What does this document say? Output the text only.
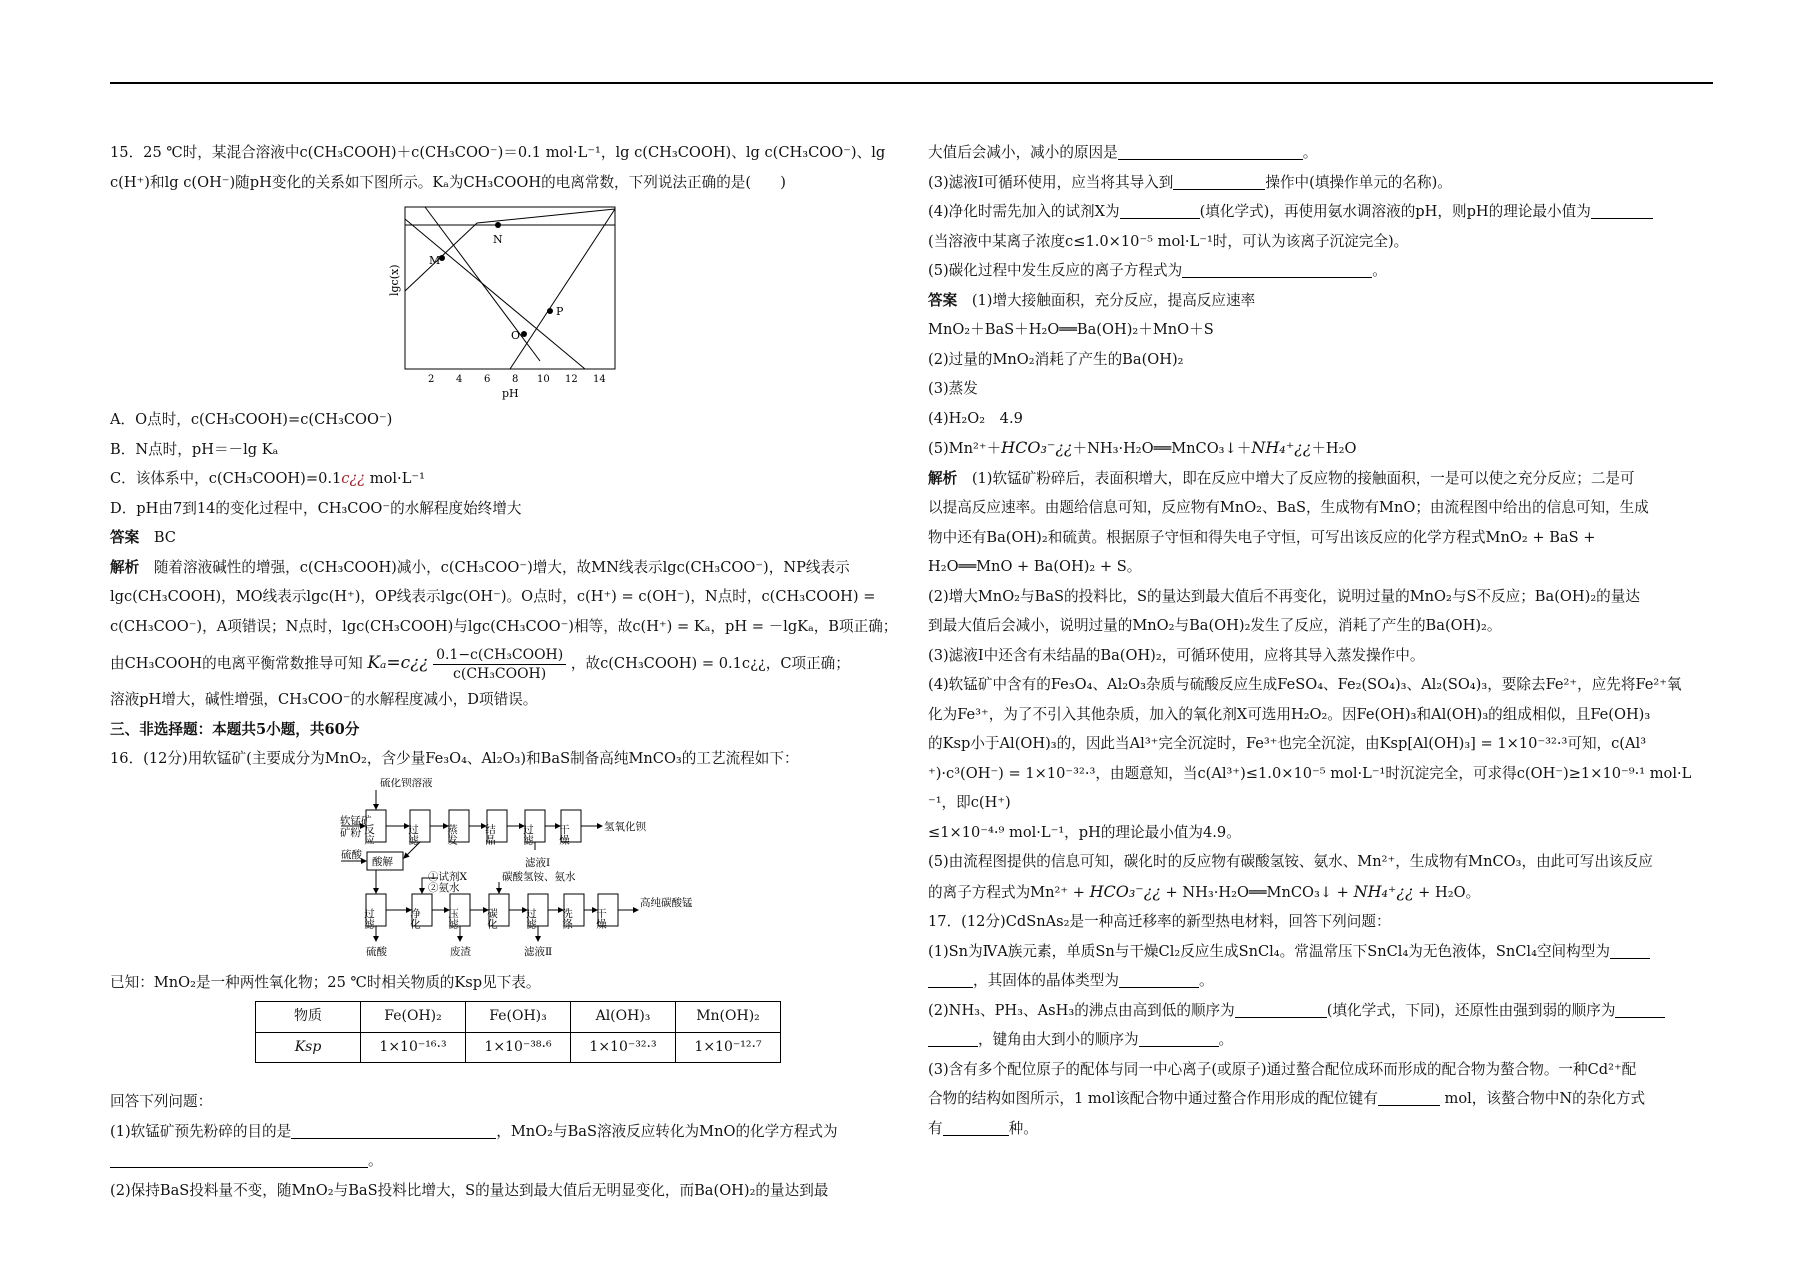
15．25 ℃时，某混合溶液中c(CH₃COOH)＋c(CH₃COO⁻)＝0.1 mol·L⁻¹，lg c(CH₃COOH)、lg c(CH₃COO⁻)、lg

c(H⁺)和lg c(OH⁻)随pH变化的关系如下图所示。Kₐ为CH₃COOH的电离常数，下列说法正确的是(　　)

M
N
O
P
lgc(x)
2 4 6 8 10 12 14
pH

A．O点时，c(CH₃COOH)=c(CH₃COO⁻)

B．N点时，pH＝－lg Kₐ

C．该体系中，c(CH₃COOH)=0.1c¿¿ mol·L⁻¹

D．pH由7到14的变化过程中，CH₃COO⁻的水解程度始终增大

答案　 BC

解析　 随着溶液碱性的增强，c(CH₃COOH)减小，c(CH₃COO⁻)增大，故MN线表示lgc(CH₃COO⁻)，NP线表示

lgc(CH₃COOH)，MO线表示lgc(H⁺)，OP线表示lgc(OH⁻)。O点时，c(H⁺) = c(OH⁻)，N点时，c(CH₃COOH) =

c(CH₃COO⁻)，A项错误；N点时，lgc(CH₃COOH)与lgc(CH₃COO⁻)相等，故c(H⁺) = Kₐ，pH = －lgKₐ，B项正确；

由CH₃COOH的电离平衡常数推导可知 Kₐ=c¿¿ 0.1−c(CH₃COOH)
c(CH₃COOH)
，故c(CH₃COOH) = 0.1c¿¿，C项正确；

溶液pH增大，碱性增强，CH₃COO⁻的水解程度减小，D项错误。

三、非选择题：本题共5小题，共60分

16．(12分)用软锰矿(主要成分为MnO₂，含少量Fe₃O₄、Al₂O₃)和BaS制备高纯MnCO₃的工艺流程如下：

软锰矿
矿粉
硫化钡溶液
反应	过滤	蒸发 结晶 过滤 干燥	氢氧化钡
滤液Ⅰ
硫酸
酸解
①试剂X
②氨水
碳酸氢铵、氨水
过滤	净化 压滤	碳化	过滤 洗涤 干燥
高纯碳酸锰
硫酸	废渣	滤液Ⅱ

已知：MnO₂是一种两性氧化物；25 ℃时相关物质的Ksp见下表。

物质	Fe(OH)₂	Fe(OH)₃	Al(OH)₃	Mn(OH)₂
Ksp	1×10⁻¹⁶·³	1×10⁻³⁸·⁶	1×10⁻³²·³	1×10⁻¹²·⁷

回答下列问题：

(1)软锰矿预先粉碎的目的是	，MnO₂与BaS溶液反应转化为MnO的化学方程式为

。

(2)保持BaS投料量不变，随MnO₂与BaS投料比增大，S的量达到最大值后无明显变化，而Ba(OH)₂的量达到最

大值后会减小，减小的原因是	。

(3)滤液Ⅰ可循环使用，应当将其导入到	操作中(填操作单元的名称)。

(4)净化时需先加入的试剂X为	(填化学式)，再使用氨水调溶液的pH，则pH的理论最小值为

(当溶液中某离子浓度c≤1.0×10⁻⁵ mol·L⁻¹时，可认为该离子沉淀完全)。

(5)碳化过程中发生反应的离子方程式为	。

答案　 (1)增大接触面积，充分反应，提高反应速率

MnO₂＋BaS＋H₂O══Ba(OH)₂＋MnO＋S

(2)过量的MnO₂消耗了产生的Ba(OH)₂

(3)蒸发

(4)H₂O₂　4.9

(5)Mn²⁺＋HCO₃⁻¿¿＋NH₃·H₂O══MnCO₃↓＋NH₄⁺¿¿＋H₂O

解析　 (1)软锰矿粉碎后，表面积增大，即在反应中增大了反应物的接触面积，一是可以使之充分反应；二是可

以提高反应速率。由题给信息可知，反应物有MnO₂、BaS，生成物有MnO；由流程图中给出的信息可知，生成

物中还有Ba(OH)₂和硫黄。根据原子守恒和得失电子守恒，可写出该反应的化学方程式MnO₂ + BaS +

H₂O══MnO + Ba(OH)₂ + S。

(2)增大MnO₂与BaS的投料比，S的量达到最大值后不再变化，说明过量的MnO₂与S不反应；Ba(OH)₂的量达

到最大值后会减小，说明过量的MnO₂与Ba(OH)₂发生了反应，消耗了产生的Ba(OH)₂。

(3)滤液Ⅰ中还含有未结晶的Ba(OH)₂，可循环使用，应将其导入蒸发操作中。

(4)软锰矿中含有的Fe₃O₄、Al₂O₃杂质与硫酸反应生成FeSO₄、Fe₂(SO₄)₃、Al₂(SO₄)₃，要除去Fe²⁺，应先将Fe²⁺氧

化为Fe³⁺，为了不引入其他杂质，加入的氧化剂X可选用H₂O₂。因Fe(OH)₃和Al(OH)₃的组成相似，且Fe(OH)₃

的Ksp小于Al(OH)₃的，因此当Al³⁺完全沉淀时，Fe³⁺也完全沉淀，由Ksp[Al(OH)₃] = 1×10⁻³²·³可知，c(Al³

⁺)·c³(OH⁻) = 1×10⁻³²·³，由题意知，当c(Al³⁺)≤1.0×10⁻⁵ mol·L⁻¹时沉淀完全，可求得c(OH⁻)≥1×10⁻⁹·¹ mol·L

⁻¹，即c(H⁺)

≤1×10⁻⁴·⁹ mol·L⁻¹，pH的理论最小值为4.9。

(5)由流程图提供的信息可知，碳化时的反应物有碳酸氢铵、氨水、Mn²⁺，生成物有MnCO₃，由此可写出该反应

的离子方程式为Mn²⁺ + HCO₃⁻¿¿ + NH₃·H₂O══MnCO₃↓ + NH₄⁺¿¿ + H₂O。

17．(12分)CdSnAs₂是一种高迁移率的新型热电材料，回答下列问题：

(1)Sn为ⅣA族元素，单质Sn与干燥Cl₂反应生成SnCl₄。常温常压下SnCl₄为无色液体，SnCl₄空间构型为

，其固体的晶体类型为	。

(2)NH₃、PH₃、AsH₃的沸点由高到低的顺序为	(填化学式，下同)，还原性由强到弱的顺序为

，键角由大到小的顺序为	。

(3)含有多个配位原子的配体与同一中心离子(或原子)通过螯合配位成环而形成的配合物为螯合物。一种Cd²⁺配

合物的结构如图所示，1 mol该配合物中通过螯合作用形成的配位键有	mol，该螯合物中N的杂化方式

有	种。
